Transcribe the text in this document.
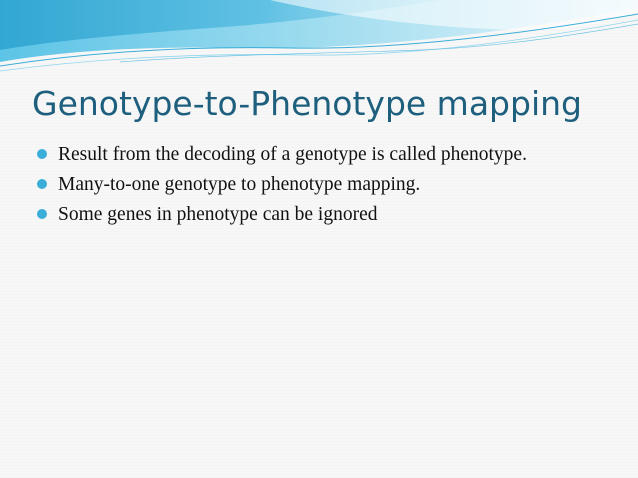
Genotype-to-Phenotype mapping
Result from the decoding of a genotype is called phenotype.
Many-to-one genotype to phenotype mapping.
Some genes in phenotype can be ignored
